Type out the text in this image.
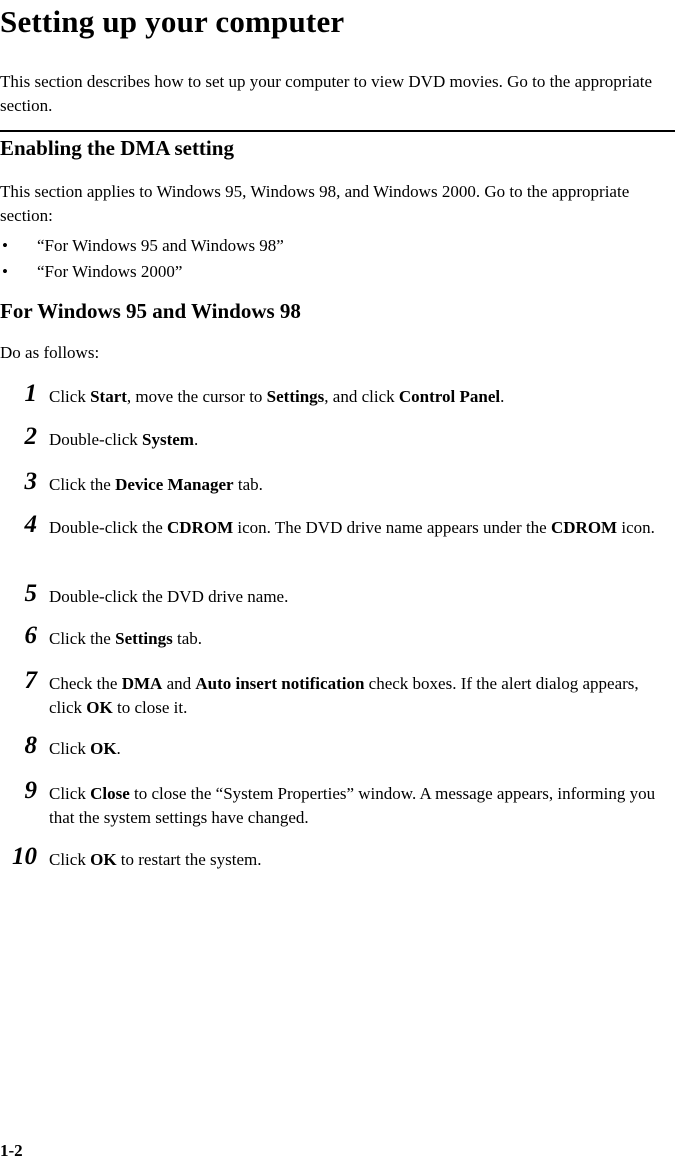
Setting up your computer

This section describes how to set up your computer to view DVD movies. Go to the appropriate section.

Enabling the DMA setting

This section applies to Windows 95, Windows 98, and Windows 2000. Go to the appropriate section:

• “For Windows 95 and Windows 98”
• “For Windows 2000”
For Windows 95 and Windows 98

Do as follows:

1 Click Start, move the cursor to Settings, and click Control Panel.
2 Double-click System.
3 Click the Device Manager tab.
4 Double-click the CDROM icon. The DVD drive name appears under the CDROM icon.
5 Double-click the DVD drive name.
6 Click the Settings tab.
7 Check the DMA and Auto insert notification check boxes. If the alert dialog appears, click OK to close it.
8 Click OK.
9 Click Close to close the “System Properties” window. A message appears, informing you that the system settings have changed.
10 Click OK to restart the system.
1-2
